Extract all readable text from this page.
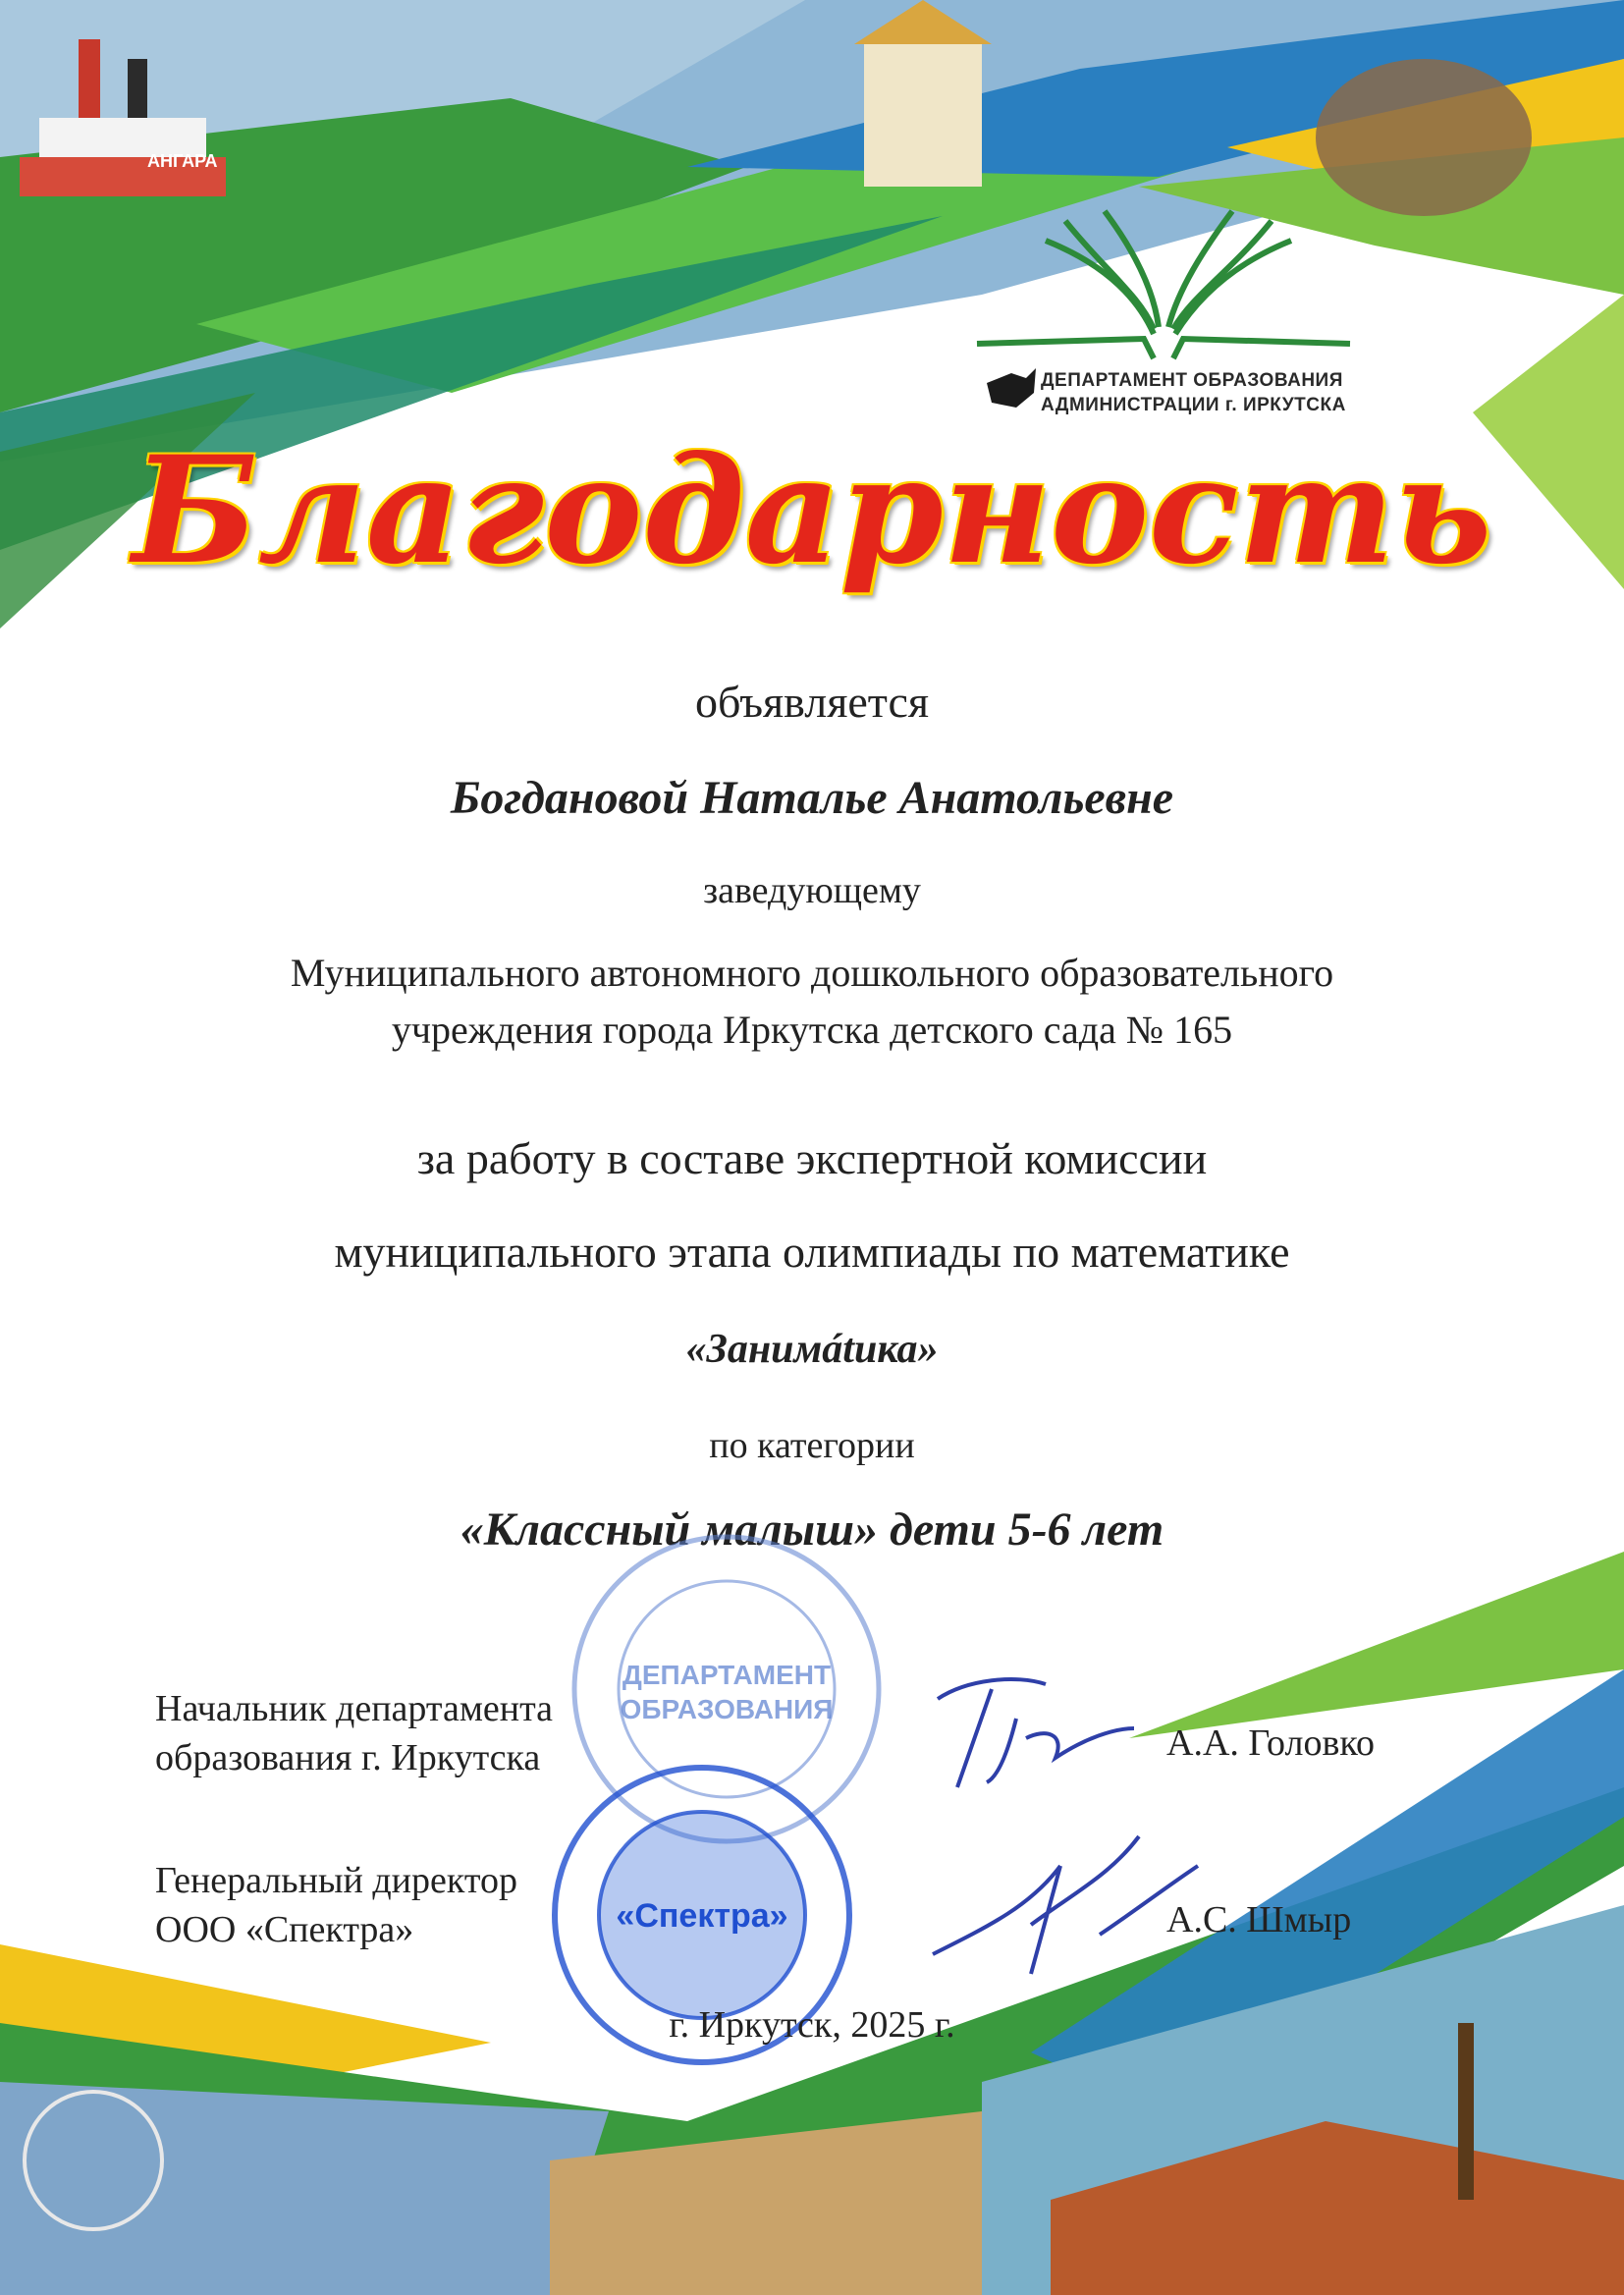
АНГАРА
ДЕПАРТАМЕНТ ОБРАЗОВАНИЯ
АДМИНИСТРАЦИИ г. ИРКУТСКА
Благодарность
объявляется
Богдановой Наталье Анатольевне
заведующему
Муниципального автономного дошкольного образовательного
учреждения города Иркутска детского сада № 165
за работу в составе экспертной комиссии
муниципального этапа олимпиады по математике
«Занимátика»
по категории
«Классный малыш» дети 5-6 лет
ДЕПАРТАМЕНТ
ОБРАЗОВАНИЯ
«Спектра»
Начальник департамента
образования г. Иркутска	А.А. Головко
Генеральный директор
ООО «Спектра»	А.С. Шмыр
г. Иркутск, 2025 г.
